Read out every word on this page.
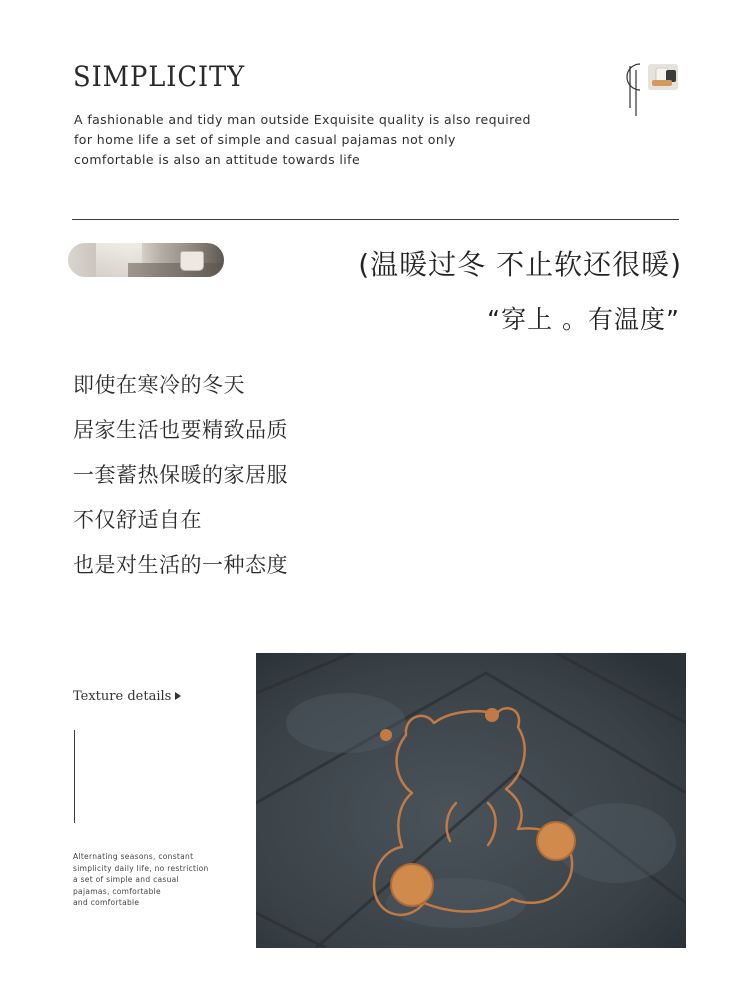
SIMPLICITY

A fashionable and tidy man outside Exquisite quality is also required
for home life a set of simple and casual pajamas not only
comfortable is also an attitude towards life

(温暖过冬 不止软还很暖)
“穿上 。有温度”
即使在寒冷的冬天
居家生活也要精致品质
一套蓄热保暖的家居服
不仅舒适自在
也是对生活的一种态度
Texture details
Alternating seasons, constant
simplicity daily life, no restriction
a set of simple and casual
pajamas, comfortable
and comfortable
